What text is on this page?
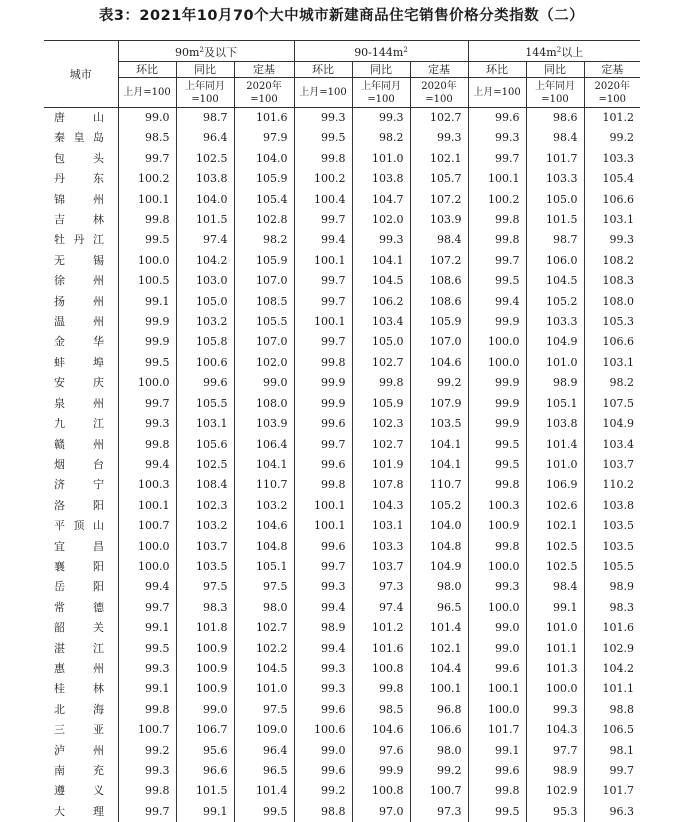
表3：2021年10月70个大中城市新建商品住宅销售价格分类指数（二）
城市	$90m^2$及以下			$90-144m^2$			$144m^2$以上		
	环比	同比	定基	环比	同比	定基	环比	同比	定基
	上月=100	上年同月=100	2020年=100	上月=100	上年同月=100	2020年=100	上月=100	上年同月=100	2020年=100
唐山	99.0	98.7	101.6	99.3	99.3	102.7	99.6	98.6	101.2
秦皇岛	98.5	96.4	97.9	99.5	98.2	99.3	99.3	98.4	99.2
包头	99.7	102.5	104.0	99.8	101.0	102.1	99.7	101.7	103.3
丹东	100.2	103.8	105.9	100.2	103.8	105.7	100.1	103.3	105.4
锦州	100.1	104.0	105.4	100.4	104.7	107.2	100.2	105.0	106.6
吉林	99.8	101.5	102.8	99.7	102.0	103.9	99.8	101.5	103.1
牡丹江	99.5	97.4	98.2	99.4	99.3	98.4	99.8	98.7	99.3
无锡	100.0	104.2	105.9	100.1	104.1	107.2	99.7	106.0	108.2
徐州	100.5	103.0	107.0	99.7	104.5	108.6	99.5	104.5	108.3
扬州	99.1	105.0	108.5	99.7	106.2	108.6	99.4	105.2	108.0
温州	99.9	103.2	105.5	100.1	103.4	105.9	99.9	103.3	105.3
金华	99.9	105.8	107.0	99.7	105.0	107.0	100.0	104.9	106.6
蚌埠	99.5	100.6	102.0	99.8	102.7	104.6	100.0	101.0	103.1
安庆	100.0	99.6	99.0	99.9	99.8	99.2	99.9	98.9	98.2
泉州	99.7	105.5	108.0	99.9	105.9	107.9	99.9	105.1	107.5
九江	99.3	103.1	103.9	99.6	102.3	103.5	99.9	103.8	104.9
赣州	99.8	105.6	106.4	99.7	102.7	104.1	99.5	101.4	103.4
烟台	99.4	102.5	104.1	99.6	101.9	104.1	99.5	101.0	103.7
济宁	100.3	108.4	110.7	99.8	107.8	110.7	99.8	106.9	110.2
洛阳	100.1	102.3	103.2	100.1	104.3	105.2	100.3	102.6	103.8
平顶山	100.7	103.2	104.6	100.1	103.1	104.0	100.9	102.1	103.5
宜昌	100.0	103.7	104.8	99.6	103.3	104.8	99.8	102.5	103.5
襄阳	100.0	103.5	105.1	99.7	103.7	104.9	100.0	102.5	105.5
岳阳	99.4	97.5	97.5	99.3	97.3	98.0	99.3	98.4	98.9
常德	99.7	98.3	98.0	99.4	97.4	96.5	100.0	99.1	98.3
韶关	99.1	101.8	102.7	98.9	101.2	101.4	99.0	101.0	101.6
湛江	99.5	100.9	102.2	99.4	101.6	102.1	99.0	101.1	102.9
惠州	99.3	100.9	104.5	99.3	100.8	104.4	99.6	101.3	104.2
桂林	99.1	100.9	101.0	99.3	99.8	100.1	100.1	100.0	101.1
北海	99.8	99.0	97.5	99.6	98.5	96.8	100.0	99.3	98.8
三亚	100.7	106.7	109.0	100.6	104.6	106.6	101.7	104.3	106.5
泸州	99.2	95.6	96.4	99.0	97.6	98.0	99.1	97.7	98.1
南充	99.3	96.6	96.5	99.6	99.9	99.2	99.6	98.9	99.7
遵义	99.8	101.5	101.4	99.2	100.8	100.7	99.8	102.9	101.7
大理	99.7	99.1	99.5	98.8	97.0	97.3	99.5	95.3	96.3
